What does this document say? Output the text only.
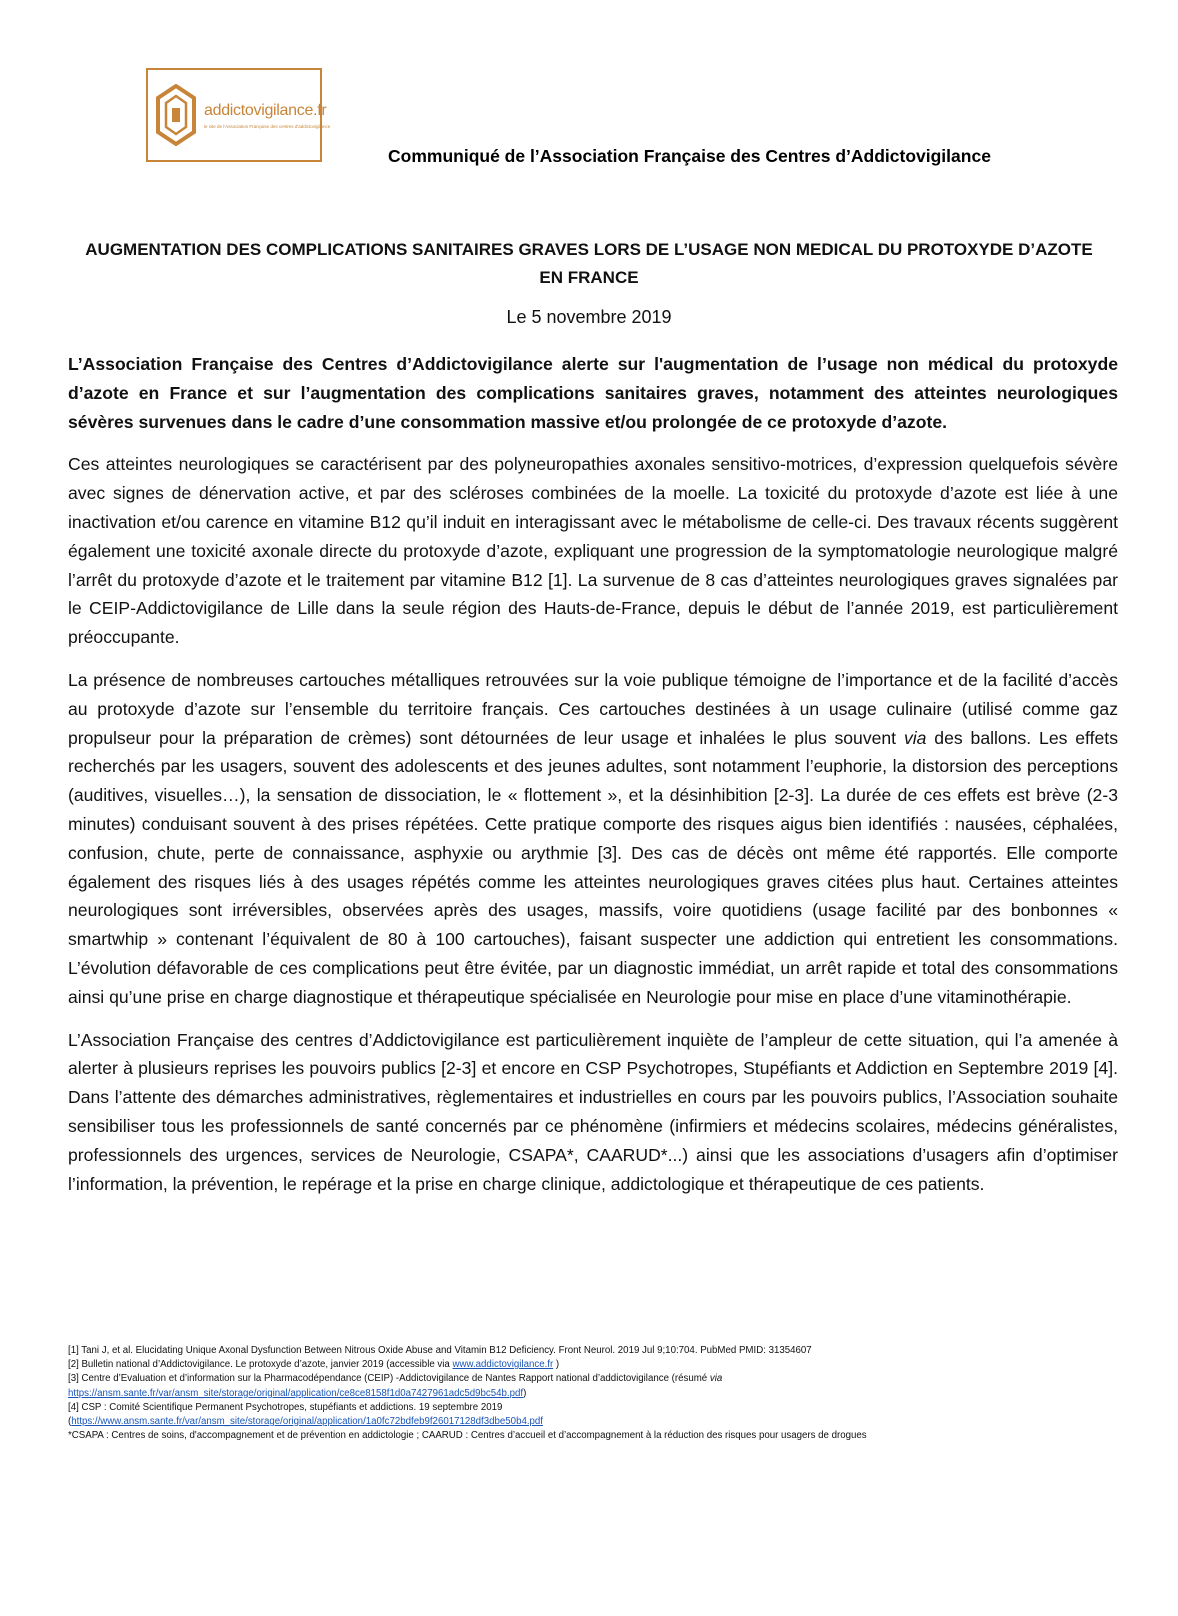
addictovigilance.fr
le site de l'Association Française des centres d'addictovigilance
Communiqué de l’Association Française des Centres d’Addictovigilance
AUGMENTATION DES COMPLICATIONS SANITAIRES GRAVES LORS DE L’USAGE NON MEDICAL DU PROTOXYDE D’AZOTE EN FRANCE
Le 5 novembre 2019

L’Association Française des Centres d’Addictovigilance alerte sur l'augmentation de l’usage non médical du protoxyde d’azote en France et sur l’augmentation des complications sanitaires graves, notamment des atteintes neurologiques sévères survenues dans le cadre d’une consommation massive et/ou prolongée de ce protoxyde d’azote.

Ces atteintes neurologiques se caractérisent par des polyneuropathies axonales sensitivo-motrices, d’expression quelquefois sévère avec signes de dénervation active, et par des scléroses combinées de la moelle. La toxicité du protoxyde d’azote est liée à une inactivation et/ou carence en vitamine B12 qu’il induit en interagissant avec le métabolisme de celle-ci. Des travaux récents suggèrent également une toxicité axonale directe du protoxyde d’azote, expliquant une progression de la symptomatologie neurologique malgré l’arrêt du protoxyde d’azote et le traitement par vitamine B12 [1]. La survenue de 8 cas d’atteintes neurologiques graves signalées par le CEIP-Addictovigilance de Lille dans la seule région des Hauts-de-France, depuis le début de l’année 2019, est particulièrement préoccupante.

La présence de nombreuses cartouches métalliques retrouvées sur la voie publique témoigne de l’importance et de la facilité d’accès au protoxyde d’azote sur l’ensemble du territoire français. Ces cartouches destinées à un usage culinaire (utilisé comme gaz propulseur pour la préparation de crèmes) sont détournées de leur usage et inhalées le plus souvent via des ballons. Les effets recherchés par les usagers, souvent des adolescents et des jeunes adultes, sont notamment l’euphorie, la distorsion des perceptions (auditives, visuelles…), la sensation de dissociation, le « flottement », et la désinhibition [2-3]. La durée de ces effets est brève (2-3 minutes) conduisant souvent à des prises répétées. Cette pratique comporte des risques aigus bien identifiés : nausées, céphalées, confusion, chute, perte de connaissance, asphyxie ou arythmie [3]. Des cas de décès ont même été rapportés. Elle comporte également des risques liés à des usages répétés comme les atteintes neurologiques graves citées plus haut. Certaines atteintes neurologiques sont irréversibles, observées après des usages, massifs, voire quotidiens (usage facilité par des bonbonnes « smartwhip » contenant l’équivalent de 80 à 100 cartouches), faisant suspecter une addiction qui entretient les consommations. L’évolution défavorable de ces complications peut être évitée, par un diagnostic immédiat, un arrêt rapide et total des consommations ainsi qu’une prise en charge diagnostique et thérapeutique spécialisée en Neurologie pour mise en place d’une vitaminothérapie.

L’Association Française des centres d’Addictovigilance est particulièrement inquiète de l’ampleur de cette situation, qui l’a amenée à alerter à plusieurs reprises les pouvoirs publics [2-3] et encore en CSP Psychotropes, Stupéfiants et Addiction en Septembre 2019 [4]. Dans l’attente des démarches administratives, règlementaires et industrielles en cours par les pouvoirs publics, l’Association souhaite sensibiliser tous les professionnels de santé concernés par ce phénomène (infirmiers et médecins scolaires, médecins généralistes, professionnels des urgences, services de Neurologie, CSAPA*, CAARUD*...) ainsi que les associations d’usagers afin d’optimiser l’information, la prévention, le repérage et la prise en charge clinique, addictologique et thérapeutique de ces patients.

[1] Tani J, et al. Elucidating Unique Axonal Dysfunction Between Nitrous Oxide Abuse and Vitamin B12 Deficiency. Front Neurol. 2019 Jul 9;10:704. PubMed PMID: 31354607
[2] Bulletin national d’Addictovigilance. Le protoxyde d’azote, janvier 2019 (accessible via www.addictovigilance.fr )
[3] Centre d’Evaluation et d’information sur la Pharmacodépendance (CEIP) -Addictovigilance de Nantes Rapport national d’addictovigilance (résumé via
https://ansm.sante.fr/var/ansm_site/storage/original/application/ce8ce8158f1d0a7427961adc5d9bc54b.pdf)
[4] CSP : Comité Scientifique Permanent Psychotropes, stupéfiants et addictions. 19 septembre 2019
(https://www.ansm.sante.fr/var/ansm_site/storage/original/application/1a0fc72bdfeb9f26017128df3dbe50b4.pdf
*CSAPA : Centres de soins, d'accompagnement et de prévention en addictologie ; CAARUD : Centres d’accueil et d’accompagnement à la réduction des risques pour usagers de drogues
